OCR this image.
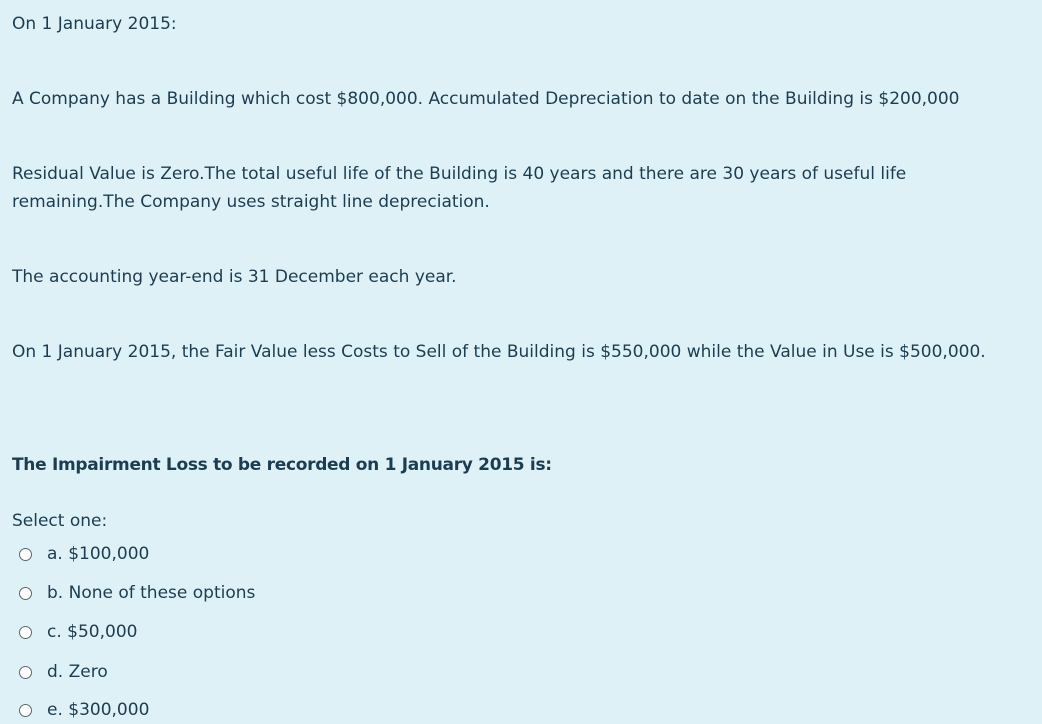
On 1 January 2015:

A Company has a Building which cost $800,000. Accumulated Depreciation to date on the Building is $200,000

Residual Value is Zero.The total useful life of the Building is 40 years and there are 30 years of useful life remaining.The Company uses straight line depreciation.

The accounting year-end is 31 December each year.

On 1 January 2015, the Fair Value less Costs to Sell of the Building is $550,000 while the Value in Use is $500,000.

The Impairment Loss to be recorded on 1 January 2015 is:

Select one:

a. $100,000
b. None of these options
c. $50,000
d. Zero
e. $300,000
